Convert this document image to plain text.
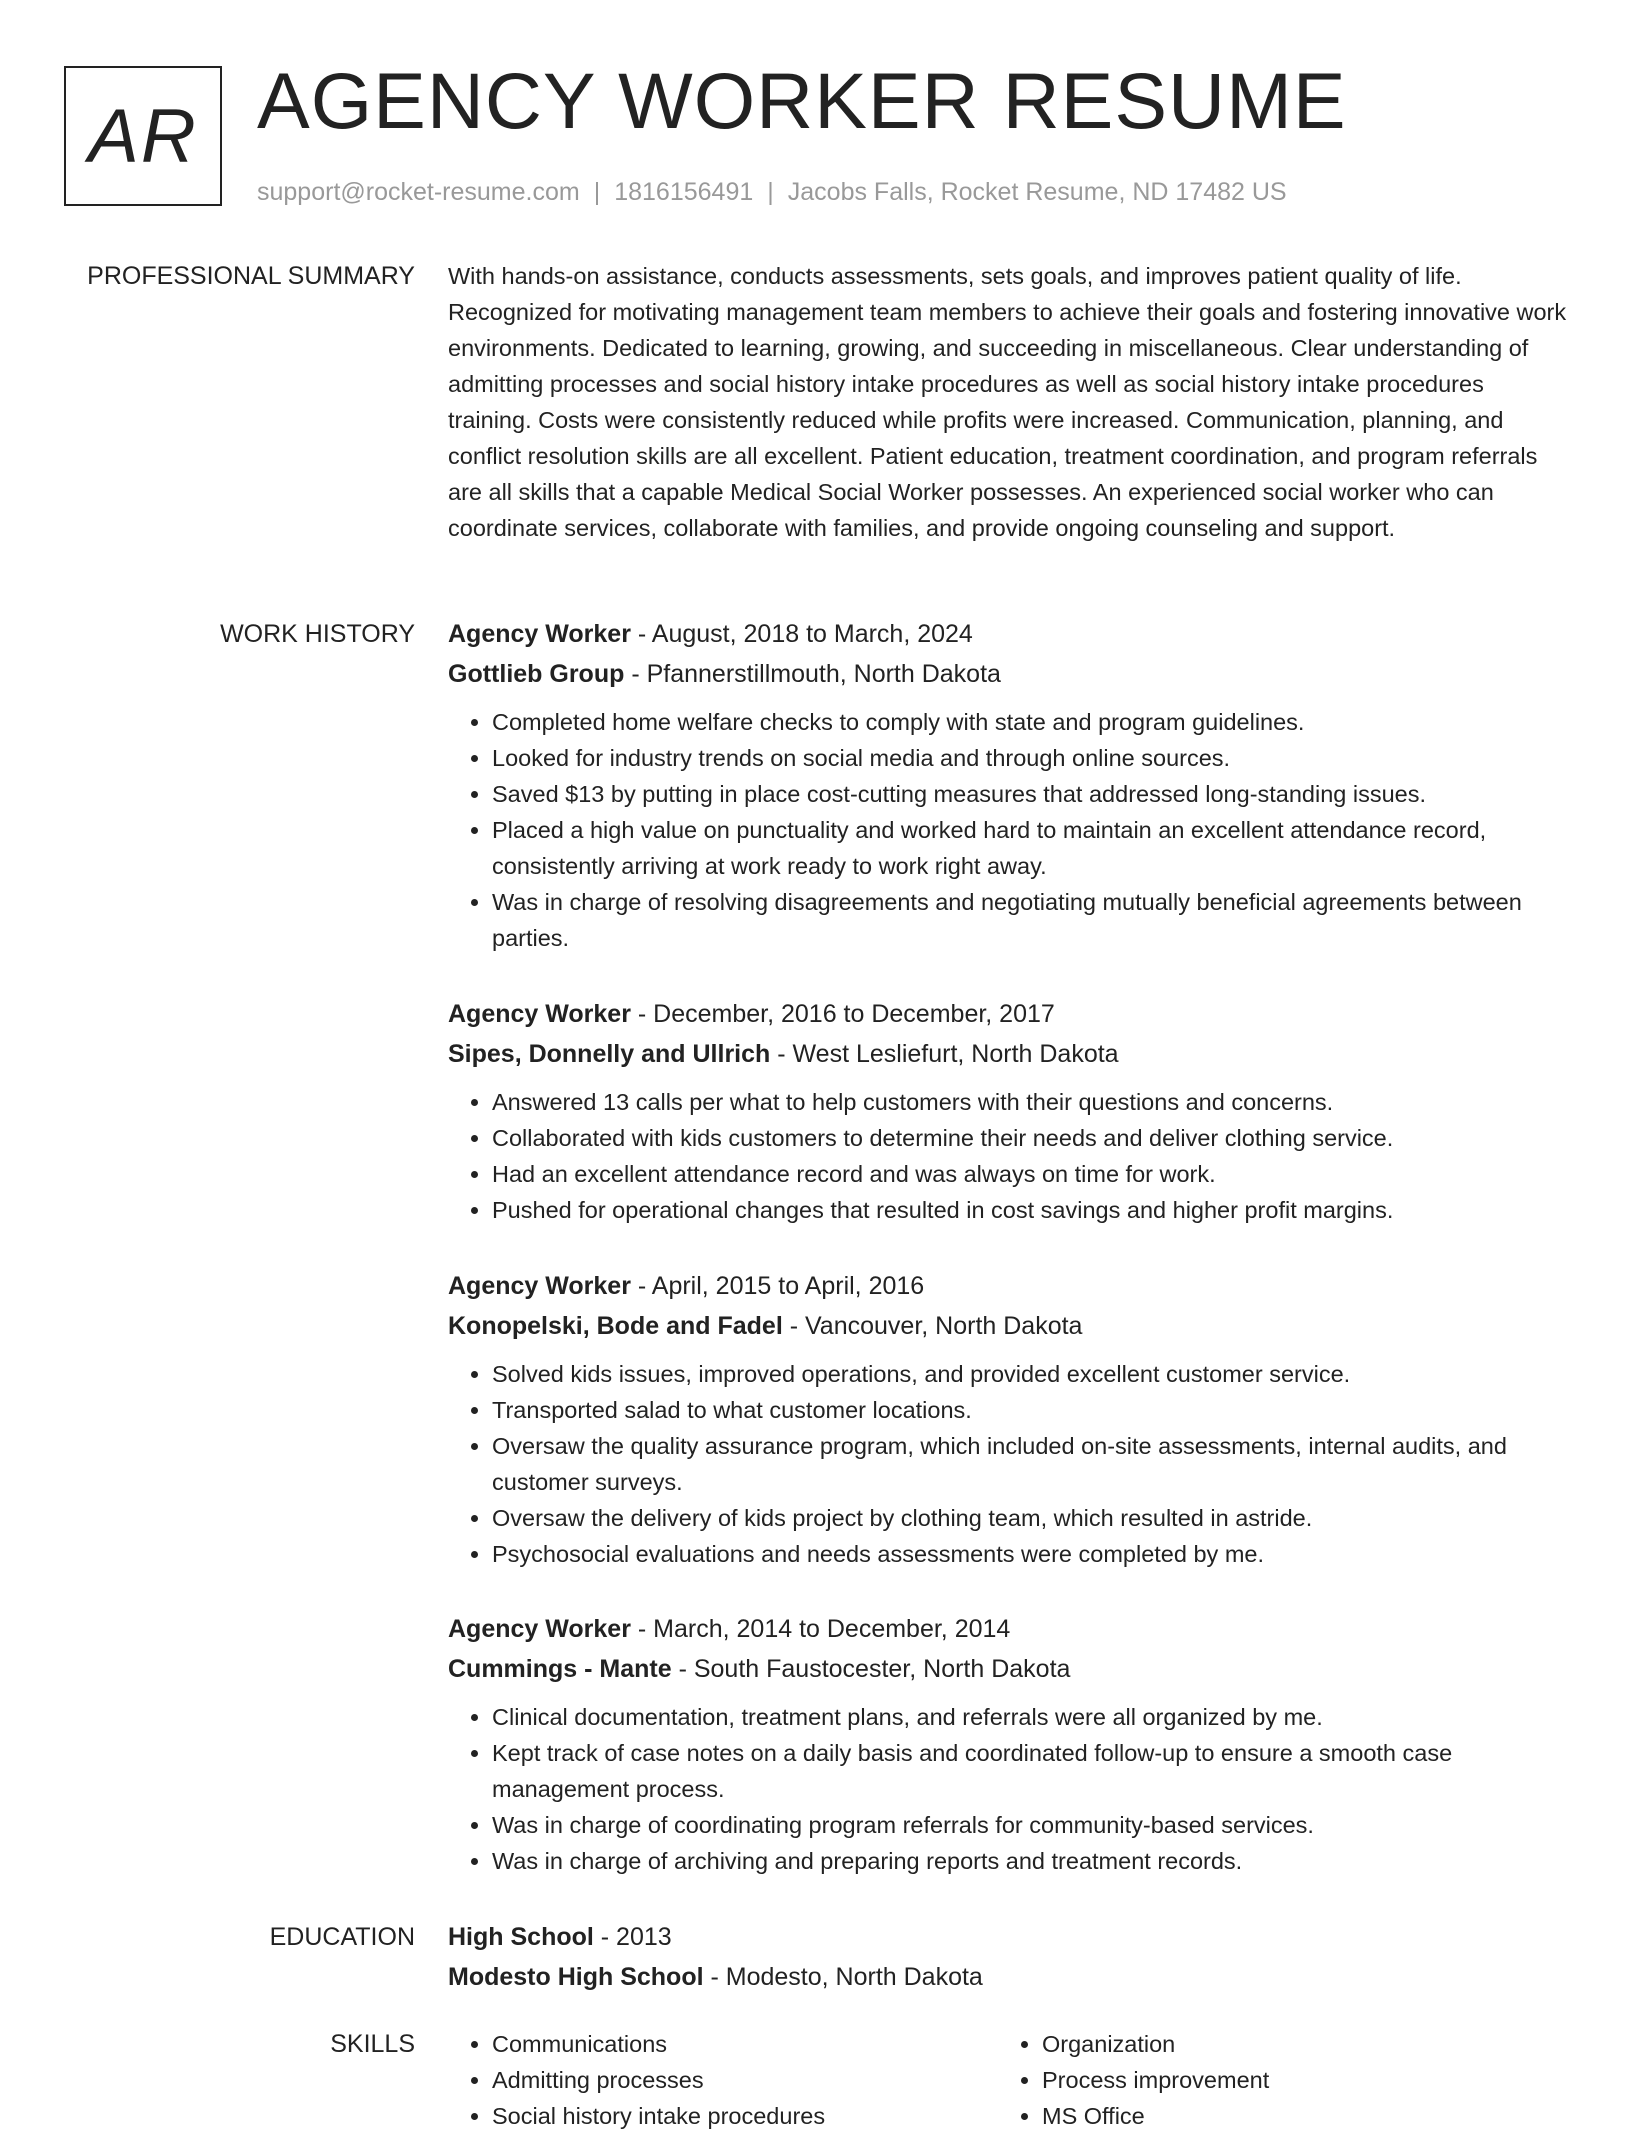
AR AGENCY WORKER RESUME
support@rocket-resume.com | 1816156491 | Jacobs Falls, Rocket Resume, ND 17482 US
PROFESSIONAL SUMMARY With hands-on assistance, conducts assessments, sets goals, and improves patient quality of life. Recognized for motivating management team members to achieve their goals and fostering innovative work environments. Dedicated to learning, growing, and succeeding in miscellaneous. Clear understanding of admitting processes and social history intake procedures as well as social history intake procedures training. Costs were consistently reduced while profits were increased. Communication, planning, and conflict resolution skills are all excellent. Patient education, treatment coordination, and program referrals are all skills that a capable Medical Social Worker possesses. An experienced social worker who can coordinate services, collaborate with families, and provide ongoing counseling and support.

WORK HISTORY Agency Worker - August, 2018 to March, 2024
Gottlieb Group - Pfannerstillmouth, North Dakota
• Completed home welfare checks to comply with state and program guidelines.
• Looked for industry trends on social media and through online sources.
• Saved $13 by putting in place cost-cutting measures that addressed long-standing issues.
• Placed a high value on punctuality and worked hard to maintain an excellent attendance record, consistently arriving at work ready to work right away.
• Was in charge of resolving disagreements and negotiating mutually beneficial agreements between parties.
Agency Worker - December, 2016 to December, 2017
Sipes, Donnelly and Ullrich - West Lesliefurt, North Dakota
• Answered 13 calls per what to help customers with their questions and concerns.
• Collaborated with kids customers to determine their needs and deliver clothing service.
• Had an excellent attendance record and was always on time for work.
• Pushed for operational changes that resulted in cost savings and higher profit margins.
Agency Worker - April, 2015 to April, 2016
Konopelski, Bode and Fadel - Vancouver, North Dakota
• Solved kids issues, improved operations, and provided excellent customer service.
• Transported salad to what customer locations.
• Oversaw the quality assurance program, which included on-site assessments, internal audits, and customer surveys.
• Oversaw the delivery of kids project by clothing team, which resulted in astride.
• Psychosocial evaluations and needs assessments were completed by me.
Agency Worker - March, 2014 to December, 2014
Cummings - Mante - South Faustocester, North Dakota
• Clinical documentation, treatment plans, and referrals were all organized by me.
• Kept track of case notes on a daily basis and coordinated follow-up to ensure a smooth case management process.
• Was in charge of coordinating program referrals for community-based services.
• Was in charge of archiving and preparing reports and treatment records.
EDUCATION High School - 2013
Modesto High School - Modesto, North Dakota
SKILLS
•	Communications
• Admitting processes
• Social history intake procedures
• Organization
• Process improvement
• MS Office
